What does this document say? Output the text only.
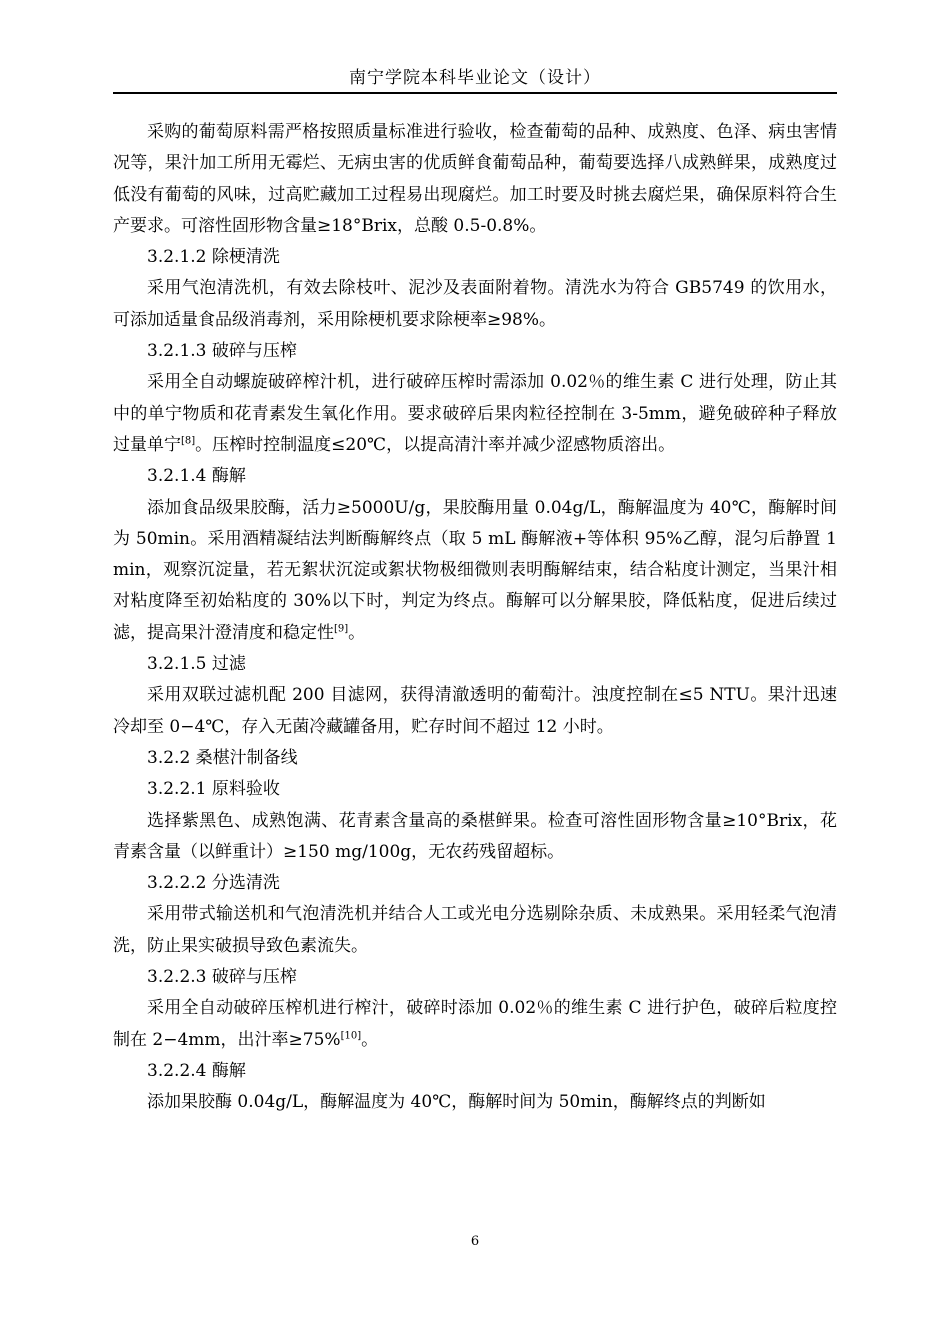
南宁学院本科毕业论文（设计）

采购的葡萄原料需严格按照质量标准进行验收，检查葡萄的品种、成熟度、色泽、病虫害情况等，果汁加工所用无霉烂、无病虫害的优质鲜食葡萄品种，葡萄要选择八成熟鲜果，成熟度过低没有葡萄的风味，过高贮藏加工过程易出现腐烂。加工时要及时挑去腐烂果，确保原料符合生产要求。可溶性固形物含量≥18°Brix，总酸 0.5-0.8%。

3.2.1.2 除梗清洗

采用气泡清洗机，有效去除枝叶、泥沙及表面附着物。清洗水为符合 GB5749 的饮用水，可添加适量食品级消毒剂，采用除梗机要求除梗率≥98%。

3.2.1.3 破碎与压榨

采用全自动螺旋破碎榨汁机，进行破碎压榨时需添加 0.02％的维生素 C 进行处理，防止其中的单宁物质和花青素发生氧化作用。要求破碎后果肉粒径控制在 3-5mm，避免破碎种子释放过量单宁[8]。压榨时控制温度≤20℃，以提高清汁率并减少涩感物质溶出。

3.2.1.4 酶解

添加食品级果胶酶，活力≥5000U/g，果胶酶用量 0.04g/L，酶解温度为 40℃，酶解时间为 50min。采用酒精凝结法判断酶解终点（取 5 mL 酶解液+等体积 95%乙醇，混匀后静置 1 min，观察沉淀量，若无絮状沉淀或絮状物极细微则表明酶解结束，结合粘度计测定，当果汁相对粘度降至初始粘度的 30%以下时，判定为终点。酶解可以分解果胶，降低粘度，促进后续过滤，提高果汁澄清度和稳定性[9]。

3.2.1.5 过滤

采用双联过滤机配 200 目滤网，获得清澈透明的葡萄汁。浊度控制在≤5 NTU。果汁迅速冷却至 0−4℃，存入无菌冷藏罐备用，贮存时间不超过 12 小时。

3.2.2 桑椹汁制备线

3.2.2.1 原料验收

选择紫黑色、成熟饱满、花青素含量高的桑椹鲜果。检查可溶性固形物含量≥10°Brix，花青素含量（以鲜重计）≥150 mg/100g，无农药残留超标。

3.2.2.2 分选清洗

采用带式输送机和气泡清洗机并结合人工或光电分选剔除杂质、未成熟果。采用轻柔气泡清洗，防止果实破损导致色素流失。

3.2.2.3 破碎与压榨

采用全自动破碎压榨机进行榨汁，破碎时添加 0.02％的维生素 C 进行护色，破碎后粒度控制在 2−4mm，出汁率≥75%[10]。

3.2.2.4 酶解

添加果胶酶 0.04g/L，酶解温度为 40℃，酶解时间为 50min，酶解终点的判断如

6
